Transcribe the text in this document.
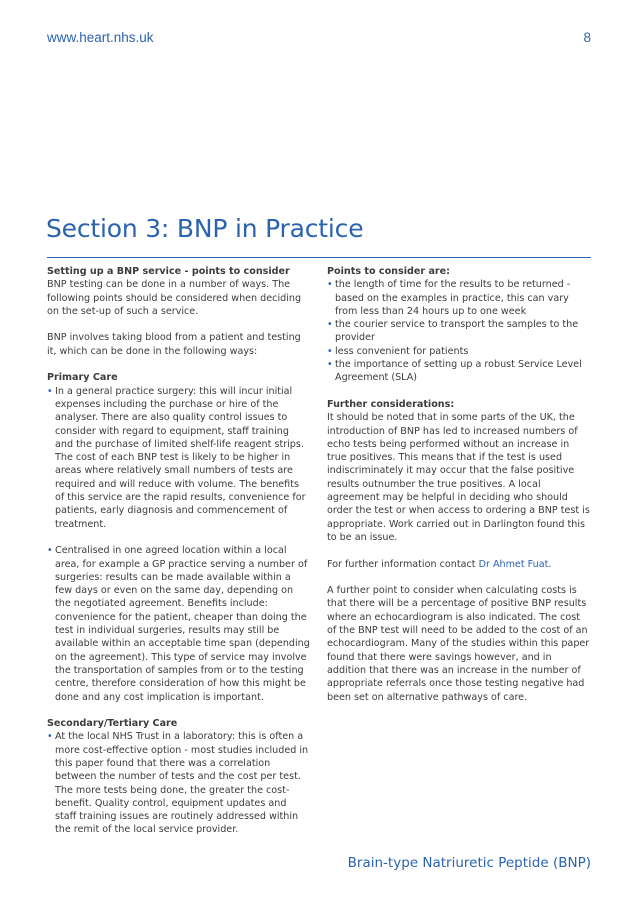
www.heart.nhs.uk	8
Section 3: BNP in Practice
Setting up a BNP service - points to consider

BNP testing can be done in a number of ways. The following points should be considered when deciding on the set-up of such a service.

BNP involves taking blood from a patient and testing it, which can be done in the following ways:

Primary Care
• In a general practice surgery: this will incur initial expenses including the purchase or hire of the analyser. There are also quality control issues to consider with regard to equipment, staff training and the purchase of limited shelf-life reagent strips. The cost of each BNP test is likely to be higher in areas where relatively small numbers of tests are required and will reduce with volume. The benefits of this service are the rapid results, convenience for patients, early diagnosis and commencement of treatment.
• Centralised in one agreed location within a local area, for example a GP practice serving a number of surgeries: results can be made available within a few days or even on the same day, depending on the negotiated agreement. Benefits include: convenience for the patient, cheaper than doing the test in individual surgeries, results may still be available within an acceptable time span (depending on the agreement). This type of service may involve the transportation of samples from or to the testing centre, therefore consideration of how this might be done and any cost implication is important.
Secondary/Tertiary Care
• At the local NHS Trust in a laboratory: this is often a more cost-effective option - most studies included in this paper found that there was a correlation between the number of tests and the cost per test. The more tests being done, the greater the cost-benefit. Quality control, equipment updates and staff training issues are routinely addressed within the remit of the local service provider.
Points to consider are:
• the length of time for the results to be returned - based on the examples in practice, this can vary from less than 24 hours up to one week
• the courier service to transport the samples to the provider
• less convenient for patients
• the importance of setting up a robust Service Level Agreement (SLA)
Further considerations:

It should be noted that in some parts of the UK, the introduction of BNP has led to increased numbers of echo tests being performed without an increase in true positives. This means that if the test is used indiscriminately it may occur that the false positive results outnumber the true positives. A local agreement may be helpful in deciding who should order the test or when access to ordering a BNP test is appropriate. Work carried out in Darlington found this to be an issue.

For further information contact Dr Ahmet Fuat.

A further point to consider when calculating costs is that there will be a percentage of positive BNP results where an echocardiogram is also indicated. The cost of the BNP test will need to be added to the cost of an echocardiogram. Many of the studies within this paper found that there were savings however, and in addition that there was an increase in the number of appropriate referrals once those testing negative had been set on alternative pathways of care.

Brain-type Natriuretic Peptide (BNP)
